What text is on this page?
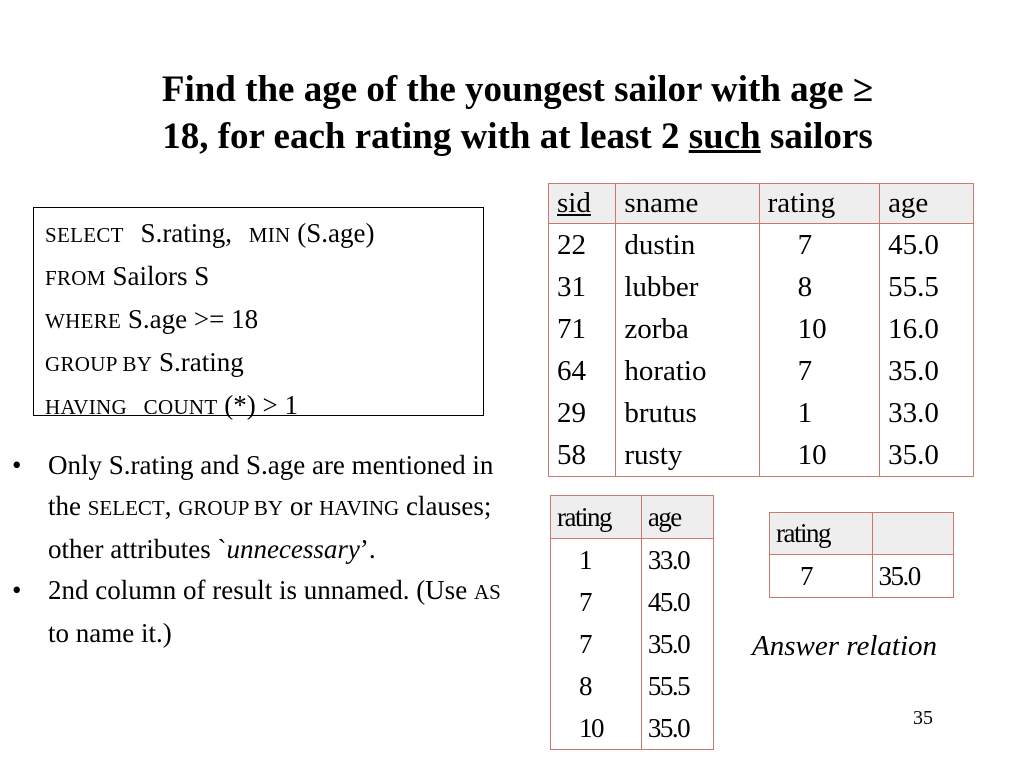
Find the age of the youngest sailor with age ≥
18, for each rating with at least 2 such sailors
SELECT S.rating, MIN (S.age)
FROM Sailors S
WHERE S.age >= 18
GROUP BY S.rating
HAVING COUNT (*) > 1
• Only S.rating and S.age are mentioned in the SELECT, GROUP BY or HAVING clauses; other attributes `unnecessary’.
• 2nd column of result is unnamed. (Use AS to name it.)
sid	sname	rating	age
22	dustin	7	45.0
31	lubber	8	55.5
71	zorba	10	16.0
64	horatio	7	35.0
29	brutus	1	33.0
58	rusty	10	35.0
rating	age
1	33.0
7	45.0
7	35.0
8	55.5
10	35.0
rating	
7	35.0
Answer relation
35
